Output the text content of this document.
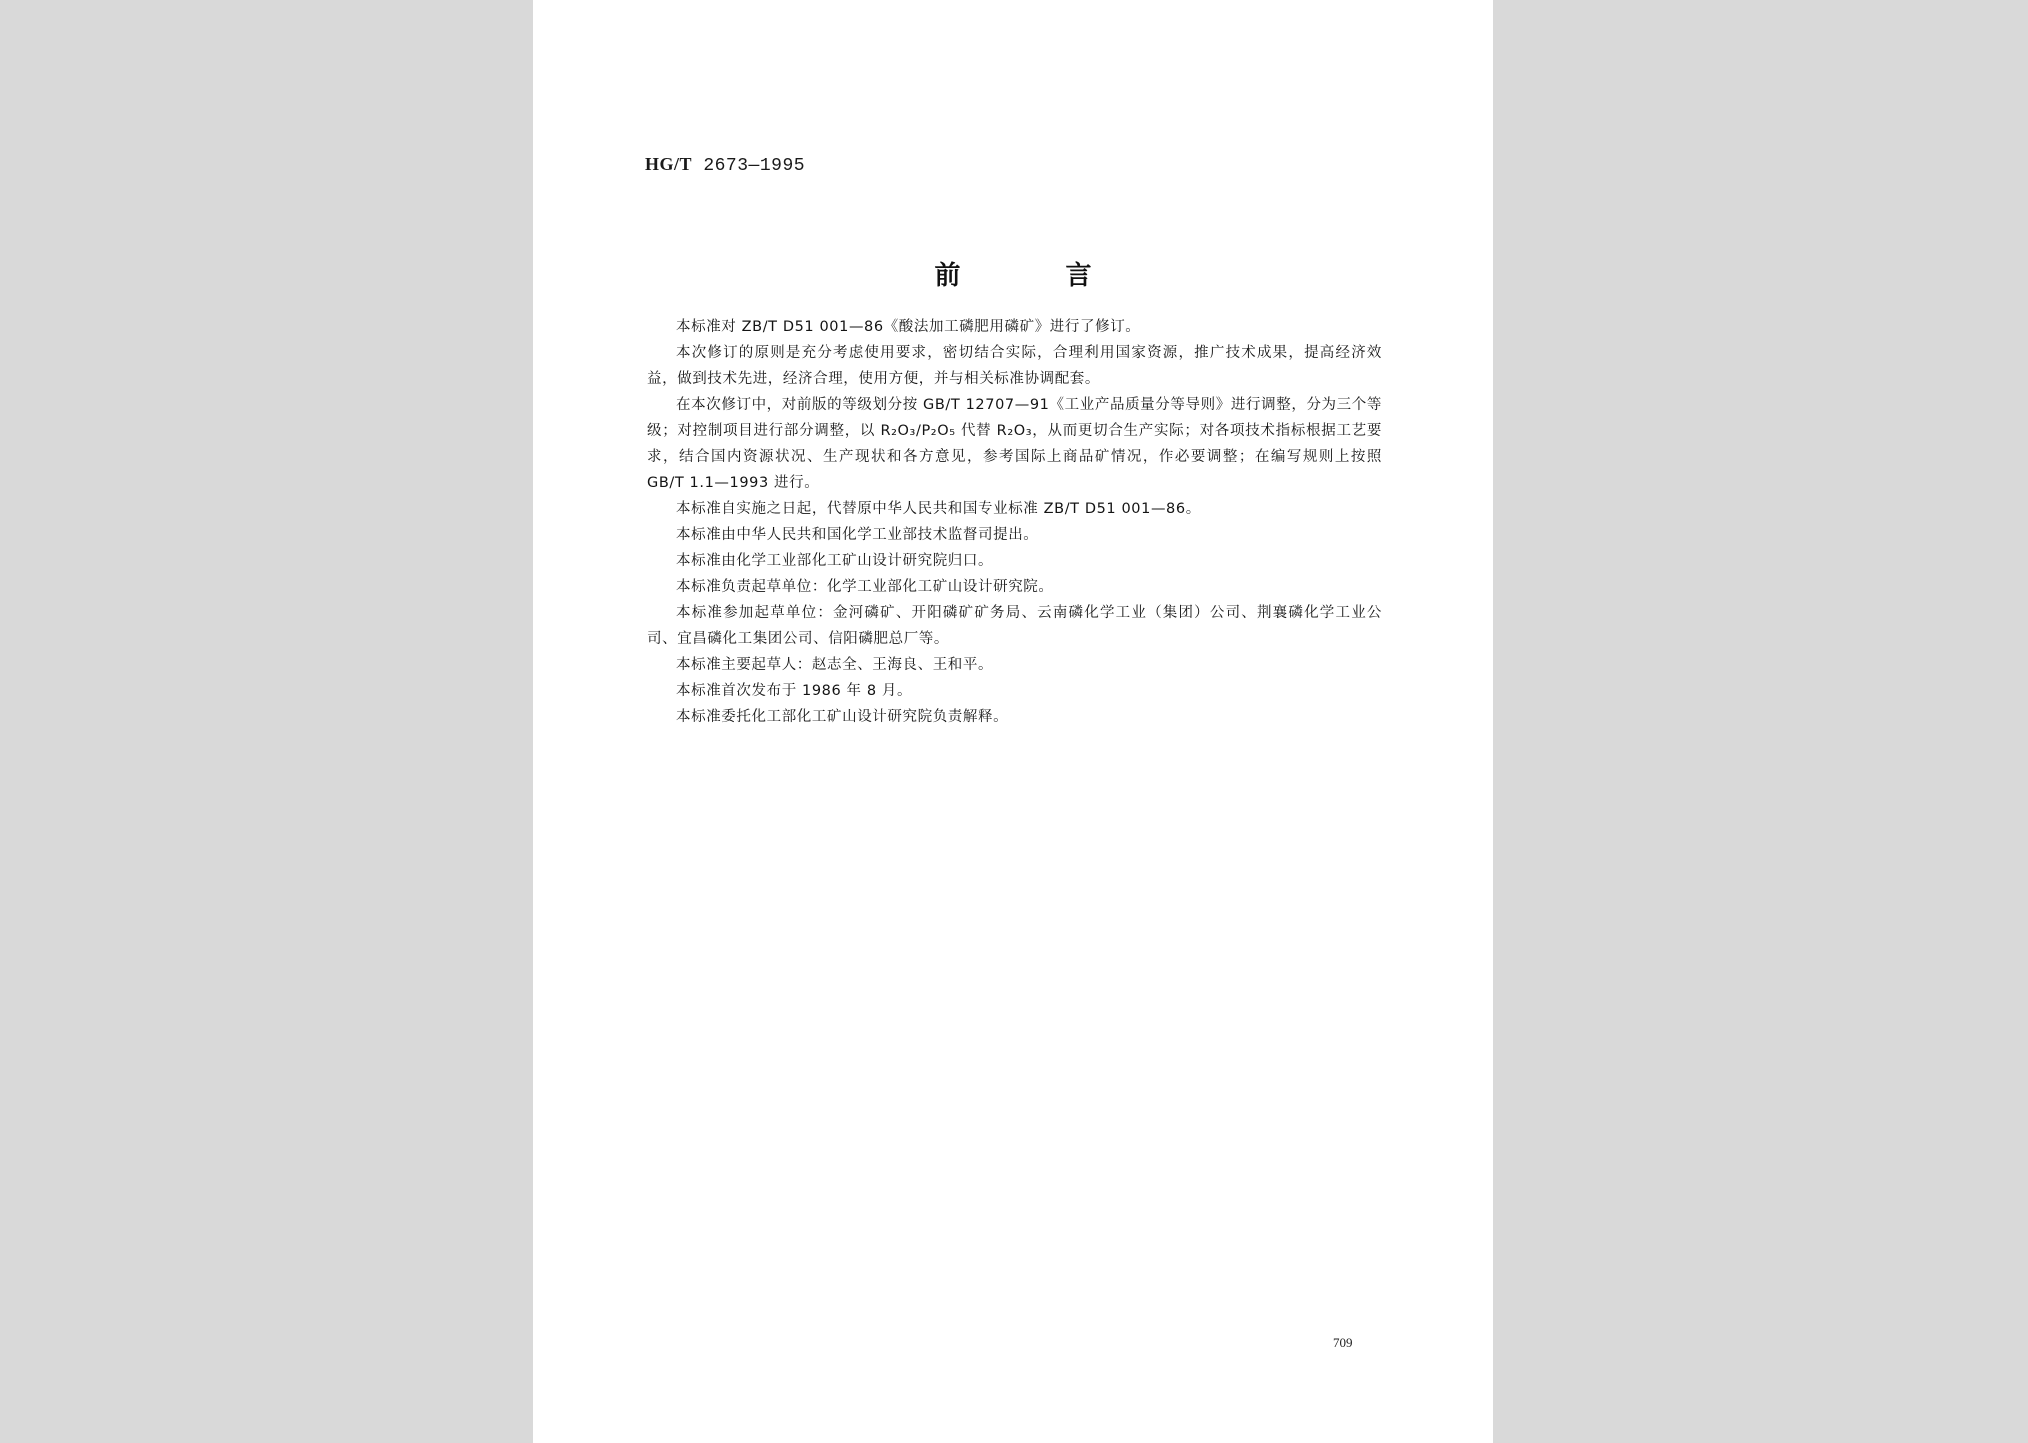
HG/T 2673—1995
前 言

本标准对 ZB/T D51 001—86《酸法加工磷肥用磷矿》进行了修订。

本次修订的原则是充分考虑使用要求，密切结合实际，合理利用国家资源，推广技术成果，提高经济效益，做到技术先进，经济合理，使用方便，并与相关标准协调配套。

在本次修订中，对前版的等级划分按 GB/T 12707—91《工业产品质量分等导则》进行调整，分为三个等级；对控制项目进行部分调整，以 R₂O₃/P₂O₅ 代替 R₂O₃，从而更切合生产实际；对各项技术指标根据工艺要求，结合国内资源状况、生产现状和各方意见，参考国际上商品矿情况，作必要调整；在编写规则上按照 GB/T 1.1—1993 进行。

本标准自实施之日起，代替原中华人民共和国专业标准 ZB/T D51 001—86。

本标准由中华人民共和国化学工业部技术监督司提出。

本标准由化学工业部化工矿山设计研究院归口。

本标准负责起草单位：化学工业部化工矿山设计研究院。

本标准参加起草单位：金河磷矿、开阳磷矿矿务局、云南磷化学工业（集团）公司、荆襄磷化学工业公司、宜昌磷化工集团公司、信阳磷肥总厂等。

本标准主要起草人：赵志全、王海良、王和平。

本标准首次发布于 1986 年 8 月。

本标准委托化工部化工矿山设计研究院负责解释。

709
